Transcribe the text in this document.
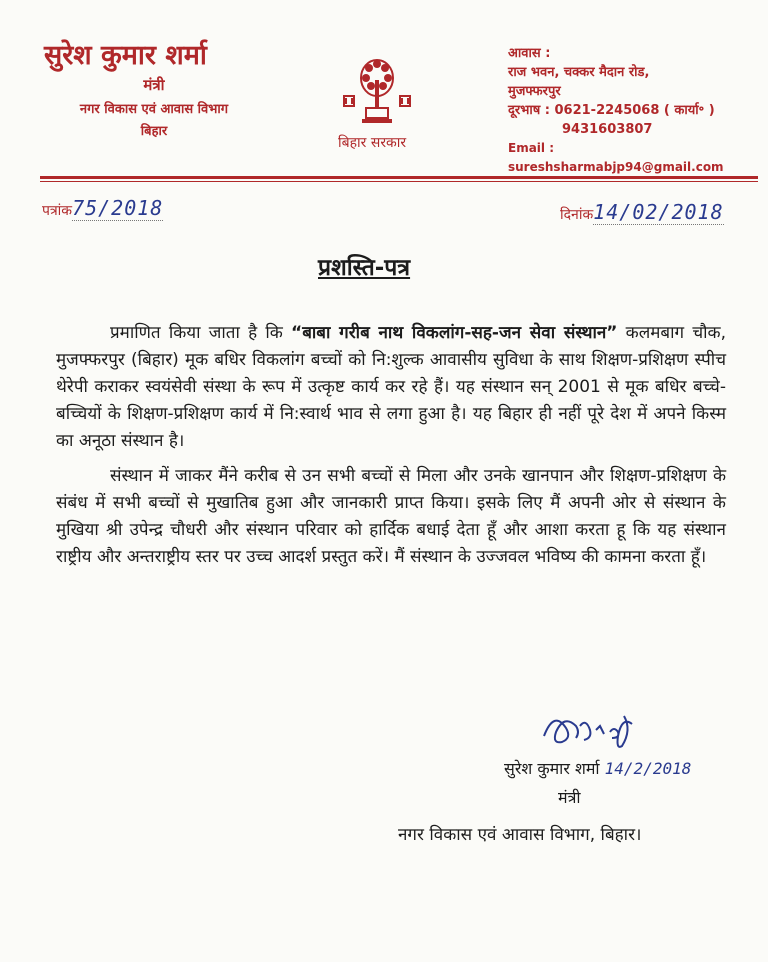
सुरेश कुमार शर्मा
मंत्री
नगर विकास एवं आवास विभाग
बिहार
बिहार सरकार
आवास :
राज भवन, चक्कर मैदान रोड,
मुजफ्फरपुर
दूरभाष : 0621-2245068 ( कार्या॰ )
9431603807
Email : sureshsharmabjp94@gmail.com
पत्रांक75/2018	दिनांक14/02/2018
प्रशस्ति-पत्र

प्रमाणित किया जाता है कि “बाबा गरीब नाथ विकलांग-सह-जन सेवा संस्थान” कलमबाग चौक, मुजफ्फरपुर (बिहार) मूक बधिर विकलांग बच्चों को नि:शुल्क आवासीय सुविधा के साथ शिक्षण-प्रशिक्षण स्पीच थेरेपी कराकर स्वयंसेवी संस्था के रूप में उत्कृष्ट कार्य कर रहे हैं। यह संस्थान सन् 2001 से मूक बधिर बच्चे-बच्चियों के शिक्षण-प्रशिक्षण कार्य में नि:स्वार्थ भाव से लगा हुआ है। यह बिहार ही नहीं पूरे देश में अपने किस्म का अनूठा संस्थान है।

संस्थान में जाकर मैंने करीब से उन सभी बच्चों से मिला और उनके खानपान और शिक्षण-प्रशिक्षण के संबंध में सभी बच्चों से मुखातिब हुआ और जानकारी प्राप्त किया। इसके लिए मैं अपनी ओर से संस्थान के मुखिया श्री उपेन्द्र चौधरी और संस्थान परिवार को हार्दिक बधाई देता हूँ और आशा करता हू कि यह संस्थान राष्ट्रीय और अन्तराष्ट्रीय स्तर पर उच्च आदर्श प्रस्तुत करें। मैं संस्थान के उज्जवल भविष्य की कामना करता हूँ।

सुरेश कुमार शर्मा 14/2/2018
मंत्री
नगर विकास एवं आवास विभाग, बिहार।
